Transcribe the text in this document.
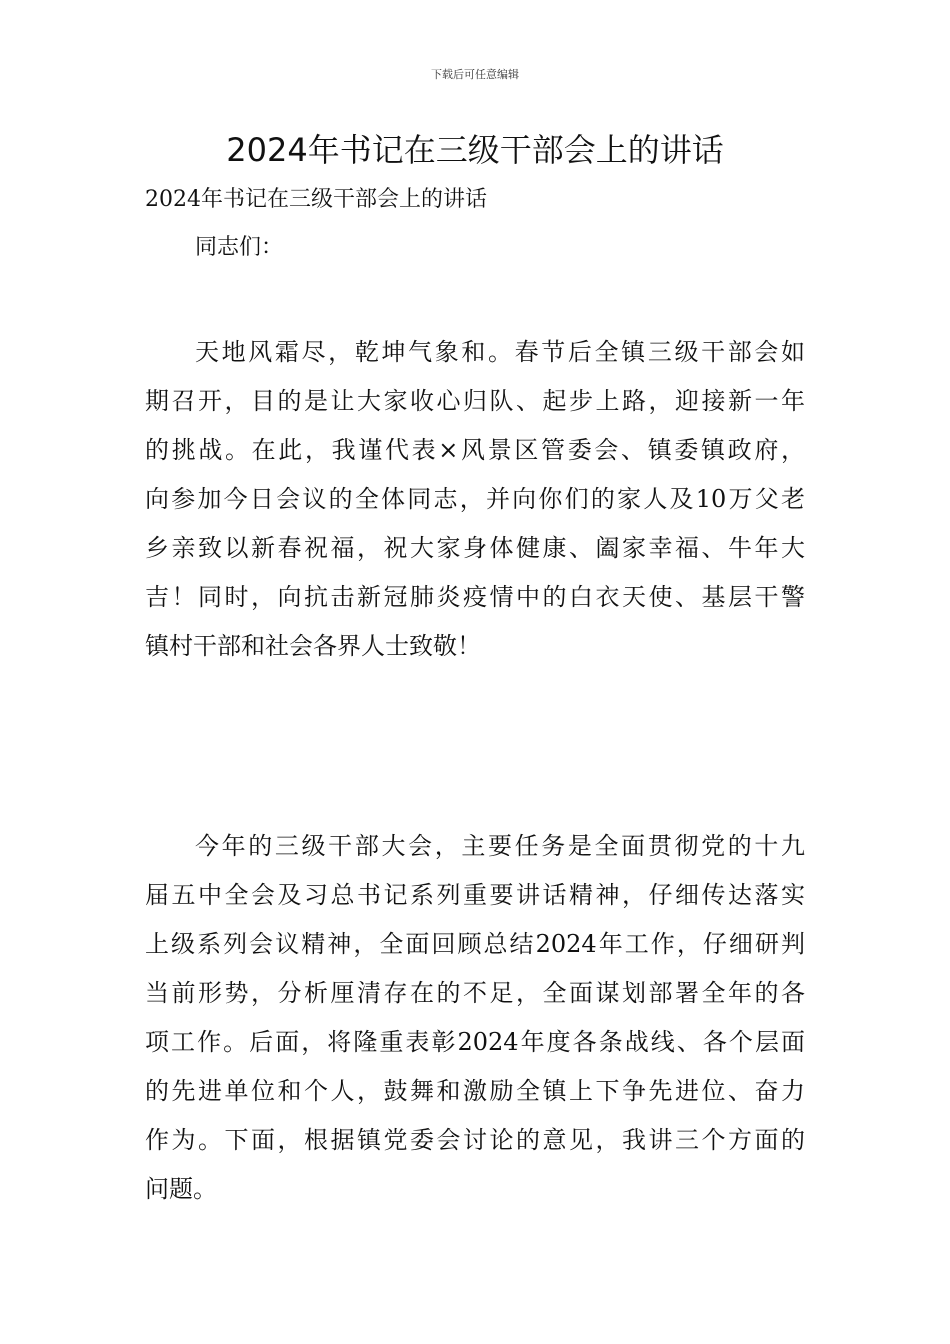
下载后可任意编辑
2024年书记在三级干部会上的讲话
2024年书记在三级干部会上的讲话
同志们：
天地风霜尽，乾坤气象和。春节后全镇三级干部会如
期召开，目的是让大家收心归队、起步上路，迎接新一年
的挑战。在此，我谨代表×风景区管委会、镇委镇政府，
向参加今日会议的全体同志，并向你们的家人及10万父老
乡亲致以新春祝福，祝大家身体健康、阖家幸福、牛年大
吉！同时，向抗击新冠肺炎疫情中的白衣天使、基层干警
镇村干部和社会各界人士致敬！
今年的三级干部大会，主要任务是全面贯彻党的十九
届五中全会及习总书记系列重要讲话精神，仔细传达落实
上级系列会议精神，全面回顾总结2024年工作，仔细研判
当前形势，分析厘清存在的不足，全面谋划部署全年的各
项工作。后面，将隆重表彰2024年度各条战线、各个层面
的先进单位和个人，鼓舞和激励全镇上下争先进位、奋力
作为。下面，根据镇党委会讨论的意见，我讲三个方面的
问题。
